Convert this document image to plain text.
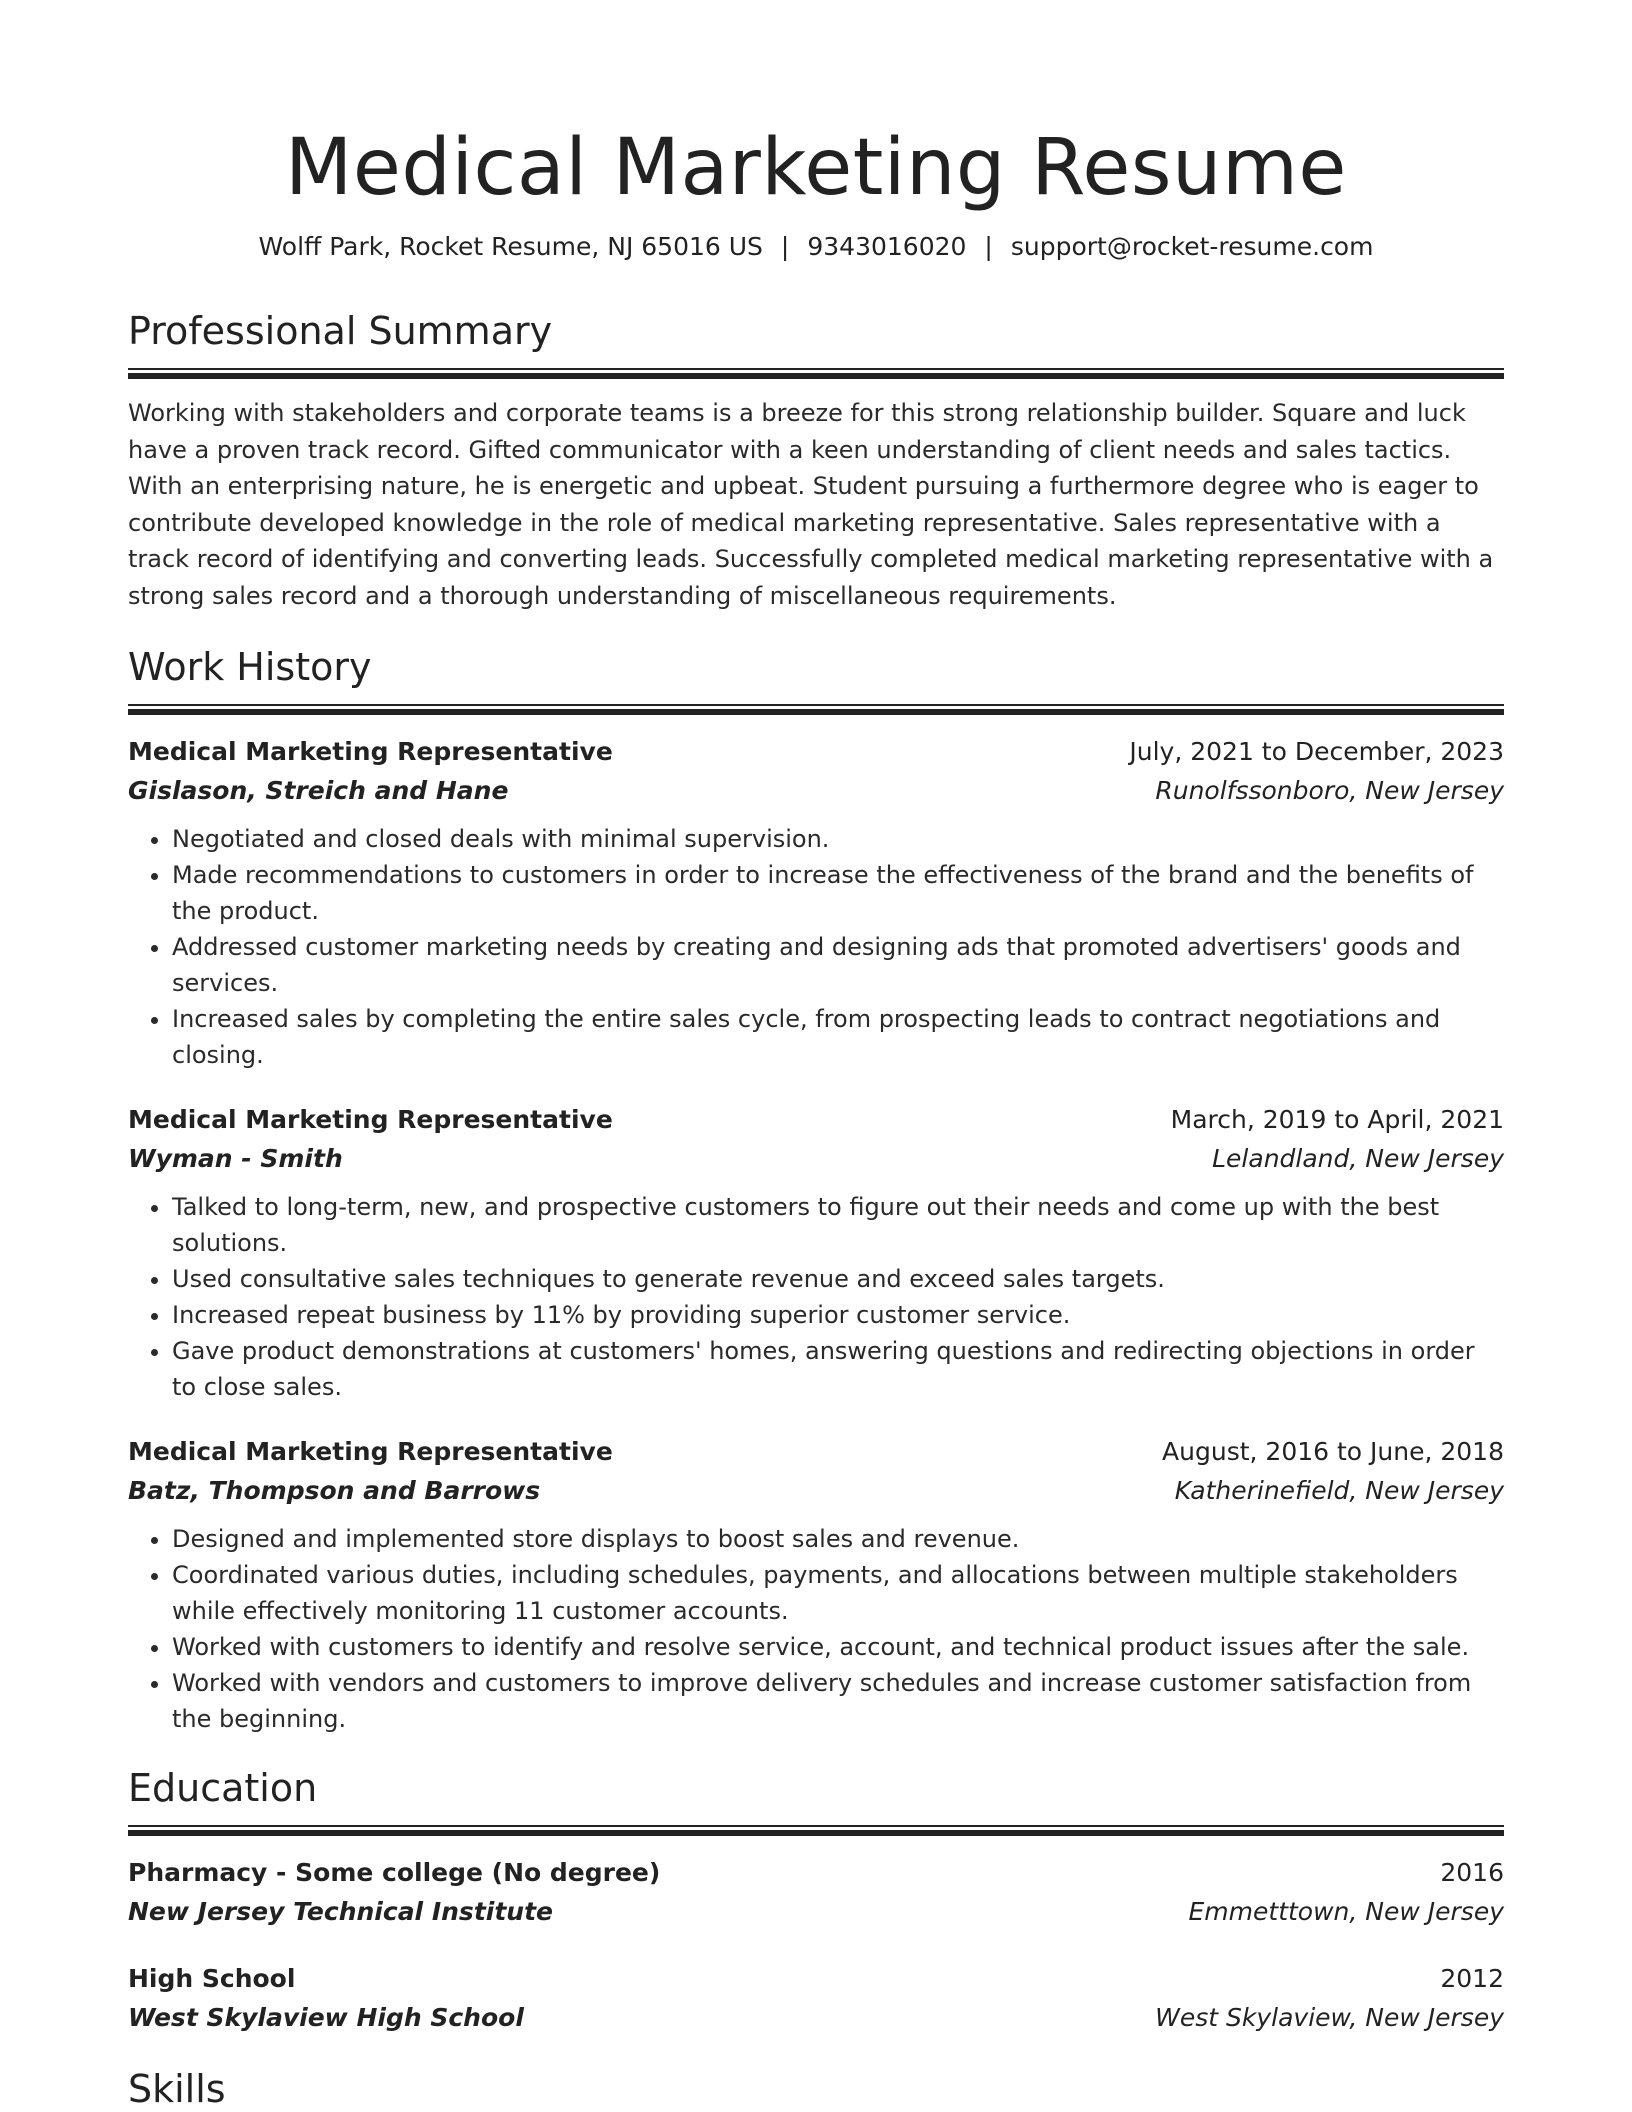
Medical Marketing Resume
Wolff Park, Rocket Resume, NJ 65016 US | 9343016020 | support@rocket-resume.com
Professional Summary
Working with stakeholders and corporate teams is a breeze for this strong relationship builder. Square and luck have a proven track record. Gifted communicator with a keen understanding of client needs and sales tactics. With an enterprising nature, he is energetic and upbeat. Student pursuing a furthermore degree who is eager to contribute developed knowledge in the role of medical marketing representative. Sales representative with a track record of identifying and converting leads. Successfully completed medical marketing representative with a strong sales record and a thorough understanding of miscellaneous requirements.
Work History
Medical Marketing Representative	July, 2021 to December, 2023
Gislason, Streich and Hane	Runolfssonboro, New Jersey
• Negotiated and closed deals with minimal supervision.
• Made recommendations to customers in order to increase the effectiveness of the brand and the benefits of the product.
• Addressed customer marketing needs by creating and designing ads that promoted advertisers' goods and services.
• Increased sales by completing the entire sales cycle, from prospecting leads to contract negotiations and closing.
Medical Marketing Representative	March, 2019 to April, 2021
Wyman - Smith	Lelandland, New Jersey
• Talked to long-term, new, and prospective customers to figure out their needs and come up with the best solutions.
• Used consultative sales techniques to generate revenue and exceed sales targets.
• Increased repeat business by 11% by providing superior customer service.
• Gave product demonstrations at customers' homes, answering questions and redirecting objections in order to close sales.
Medical Marketing Representative	August, 2016 to June, 2018
Batz, Thompson and Barrows	Katherinefield, New Jersey
• Designed and implemented store displays to boost sales and revenue.
• Coordinated various duties, including schedules, payments, and allocations between multiple stakeholders while effectively monitoring 11 customer accounts.
• Worked with customers to identify and resolve service, account, and technical product issues after the sale.
• Worked with vendors and customers to improve delivery schedules and increase customer satisfaction from the beginning.
Education
Pharmacy - Some college (No degree)	2016
New Jersey Technical Institute	Emmetttown, New Jersey
High School	2012
West Skylaview High School	West Skylaview, New Jersey
Skills
